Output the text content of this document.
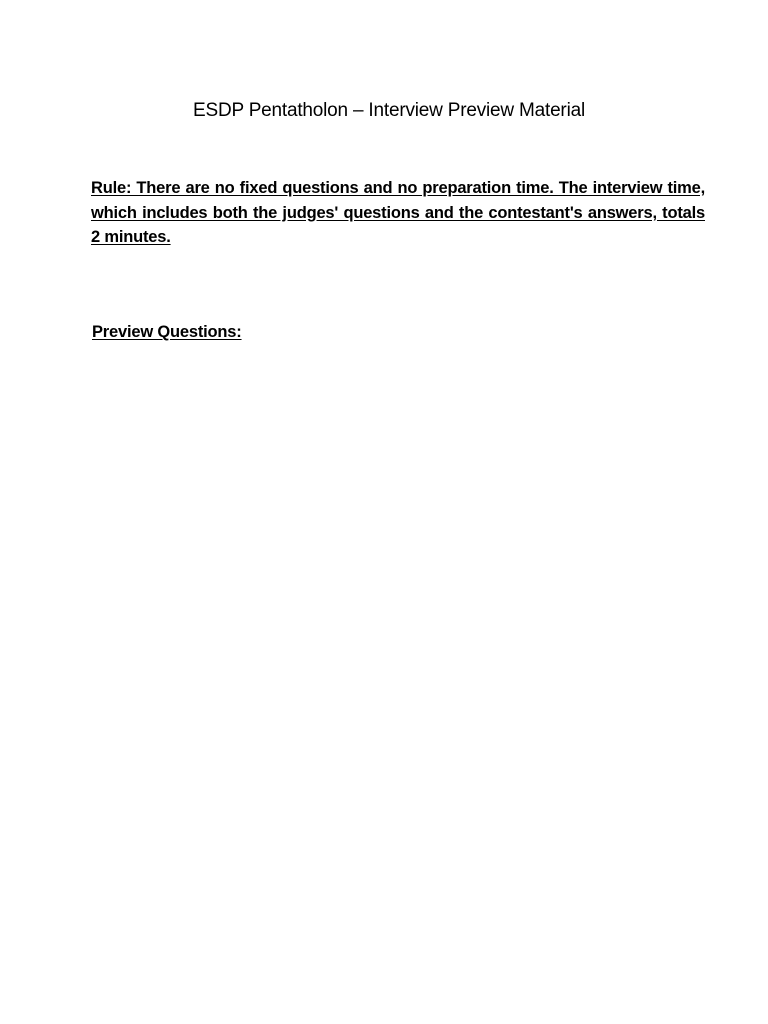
ESDP Pentatholon – Interview Preview Material

Rule: There are no fixed questions and no preparation time. The interview time, which includes both the judges' questions and the contestant's answers, totals 2 minutes.

Preview Questions:
